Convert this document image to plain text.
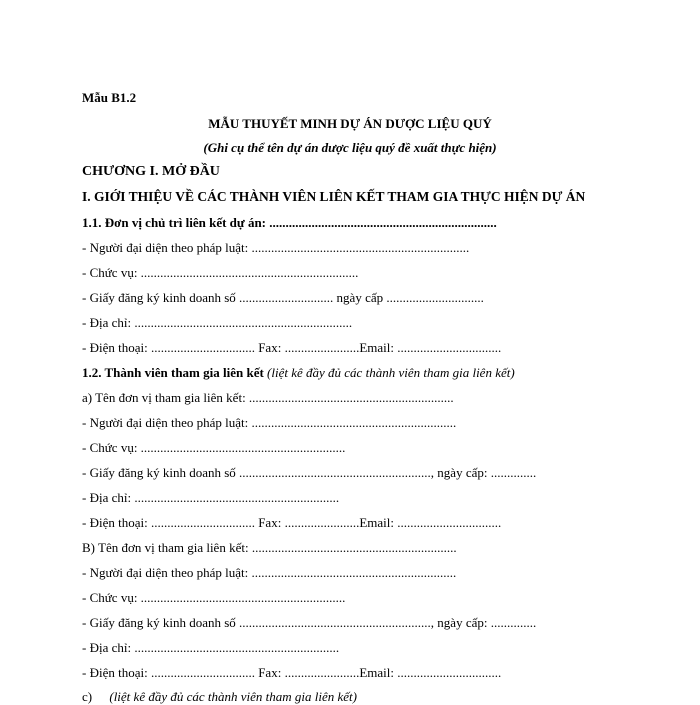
Mẫu B1.2
MẪU THUYẾT MINH DỰ ÁN DƯỢC LIỆU QUÝ
(Ghi cụ thể tên dự án dược liệu quý đề xuất thực hiện)
CHƯƠNG I. MỞ ĐẦU
I. GIỚI THIỆU VỀ CÁC THÀNH VIÊN LIÊN KẾT THAM GIA THỰC HIỆN DỰ ÁN
1.1. Đơn vị chủ trì liên kết dự án: ......................................................................
- Người đại diện theo pháp luật: ...................................................................
- Chức vụ: ...................................................................
- Giấy đăng ký kinh doanh số ............................. ngày cấp ..............................
- Địa chỉ: ...................................................................
- Điện thoại: ................................ Fax: .......................Email: ................................
1.2. Thành viên tham gia liên kết (liệt kê đầy đủ các thành viên tham gia liên kết)
a) Tên đơn vị tham gia liên kết: ...............................................................
- Người đại diện theo pháp luật: ...............................................................
- Chức vụ: ...............................................................
- Giấy đăng ký kinh doanh số ..........................................................., ngày cấp: ..............
- Địa chỉ: ...............................................................
- Điện thoại: ................................ Fax: .......................Email: ................................
B) Tên đơn vị tham gia liên kết: ...............................................................
- Người đại diện theo pháp luật: ...............................................................
- Chức vụ: ...............................................................
- Giấy đăng ký kinh doanh số ..........................................................., ngày cấp: ..............
- Địa chỉ: ...............................................................
- Điện thoại: ................................ Fax: .......................Email: ................................
c) (liệt kê đầy đủ các thành viên tham gia liên kết)
